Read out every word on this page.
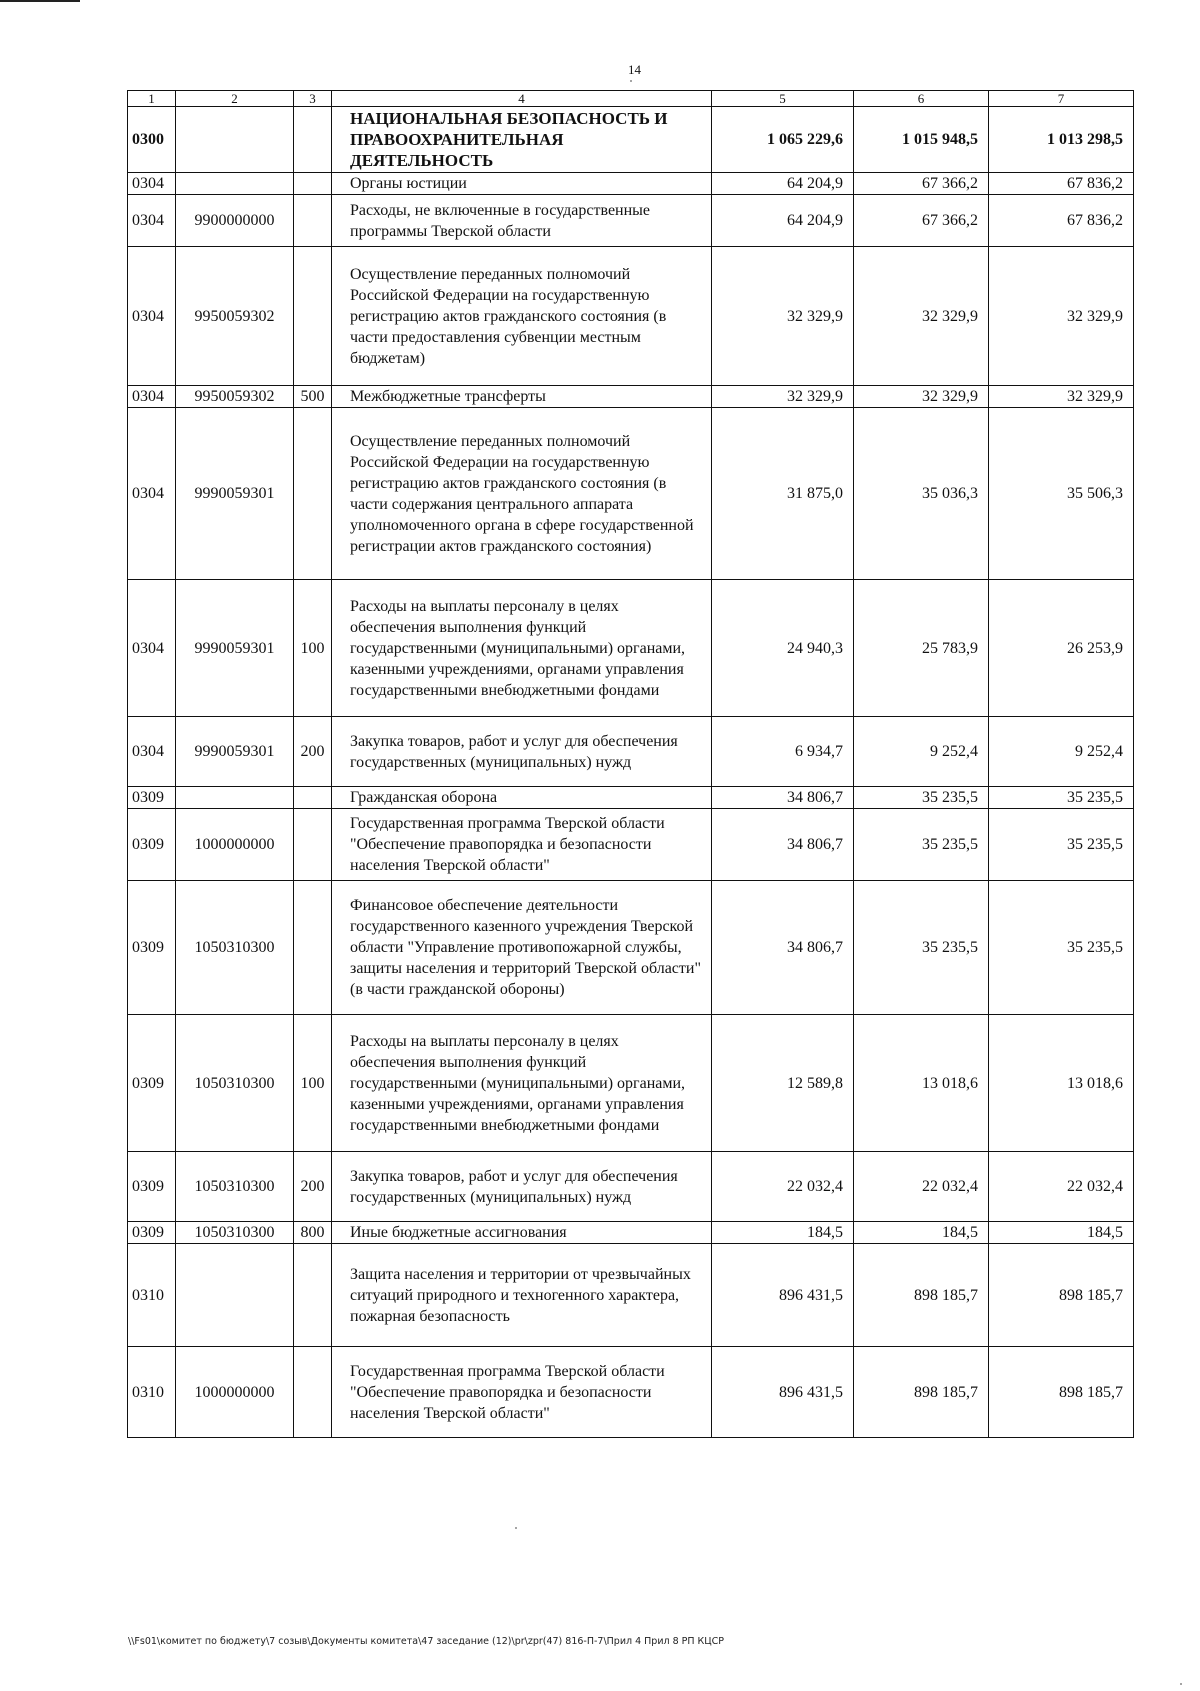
14
1	2	3	4	5	6	7
0300			НАЦИОНАЛЬНАЯ БЕЗОПАСНОСТЬ И ПРАВООХРАНИТЕЛЬНАЯ ДЕЯТЕЛЬНОСТЬ	1 065 229,6	1 015 948,5	1 013 298,5
0304			Органы юстиции	64 204,9	67 366,2	67 836,2
0304	9900000000		Расходы, не включенные в государственные программы Тверской области	64 204,9	67 366,2	67 836,2
0304	9950059302		Осуществление переданных полномочий Российской Федерации на государственную регистрацию актов гражданского состояния (в части предоставления субвенции местным бюджетам)	32 329,9	32 329,9	32 329,9
0304	9950059302	500	Межбюджетные трансферты	32 329,9	32 329,9	32 329,9
0304	9990059301		Осуществление переданных полномочий Российской Федерации на государственную регистрацию актов гражданского состояния (в части содержания центрального аппарата уполномоченного органа в сфере государственной регистрации актов гражданского состояния)	31 875,0	35 036,3	35 506,3
0304	9990059301	100	Расходы на выплаты персоналу в целях обеспечения выполнения функций государственными (муниципальными) органами, казенными учреждениями, органами управления государственными внебюджетными фондами	24 940,3	25 783,9	26 253,9
0304	9990059301	200	Закупка товаров, работ и услуг для обеспечения государственных (муниципальных) нужд	6 934,7	9 252,4	9 252,4
0309			Гражданская оборона	34 806,7	35 235,5	35 235,5
0309	1000000000		Государственная программа Тверской области "Обеспечение правопорядка и безопасности населения Тверской области"	34 806,7	35 235,5	35 235,5
0309	1050310300		Финансовое обеспечение деятельности государственного казенного учреждения Тверской области "Управление противопожарной службы, защиты населения и территорий Тверской области" (в части гражданской обороны)	34 806,7	35 235,5	35 235,5
0309	1050310300	100	Расходы на выплаты персоналу в целях обеспечения выполнения функций государственными (муниципальными) органами, казенными учреждениями, органами управления государственными внебюджетными фондами	12 589,8	13 018,6	13 018,6
0309	1050310300	200	Закупка товаров, работ и услуг для обеспечения государственных (муниципальных) нужд	22 032,4	22 032,4	22 032,4
0309	1050310300	800	Иные бюджетные ассигнования	184,5	184,5	184,5
0310			Защита населения и территории от чрезвычайных ситуаций природного и техногенного характера, пожарная безопасность	896 431,5	898 185,7	898 185,7
0310	1000000000		Государственная программа Тверской области "Обеспечение правопорядка и безопасности населения Тверской области"	896 431,5	898 185,7	898 185,7
\\Fs01\комитет по бюджету\7 созыв\Документы комитета\47 заседание (12)\pr\zpr(47) 816-П-7\Прил 4 Прил 8 РП КЦСР
